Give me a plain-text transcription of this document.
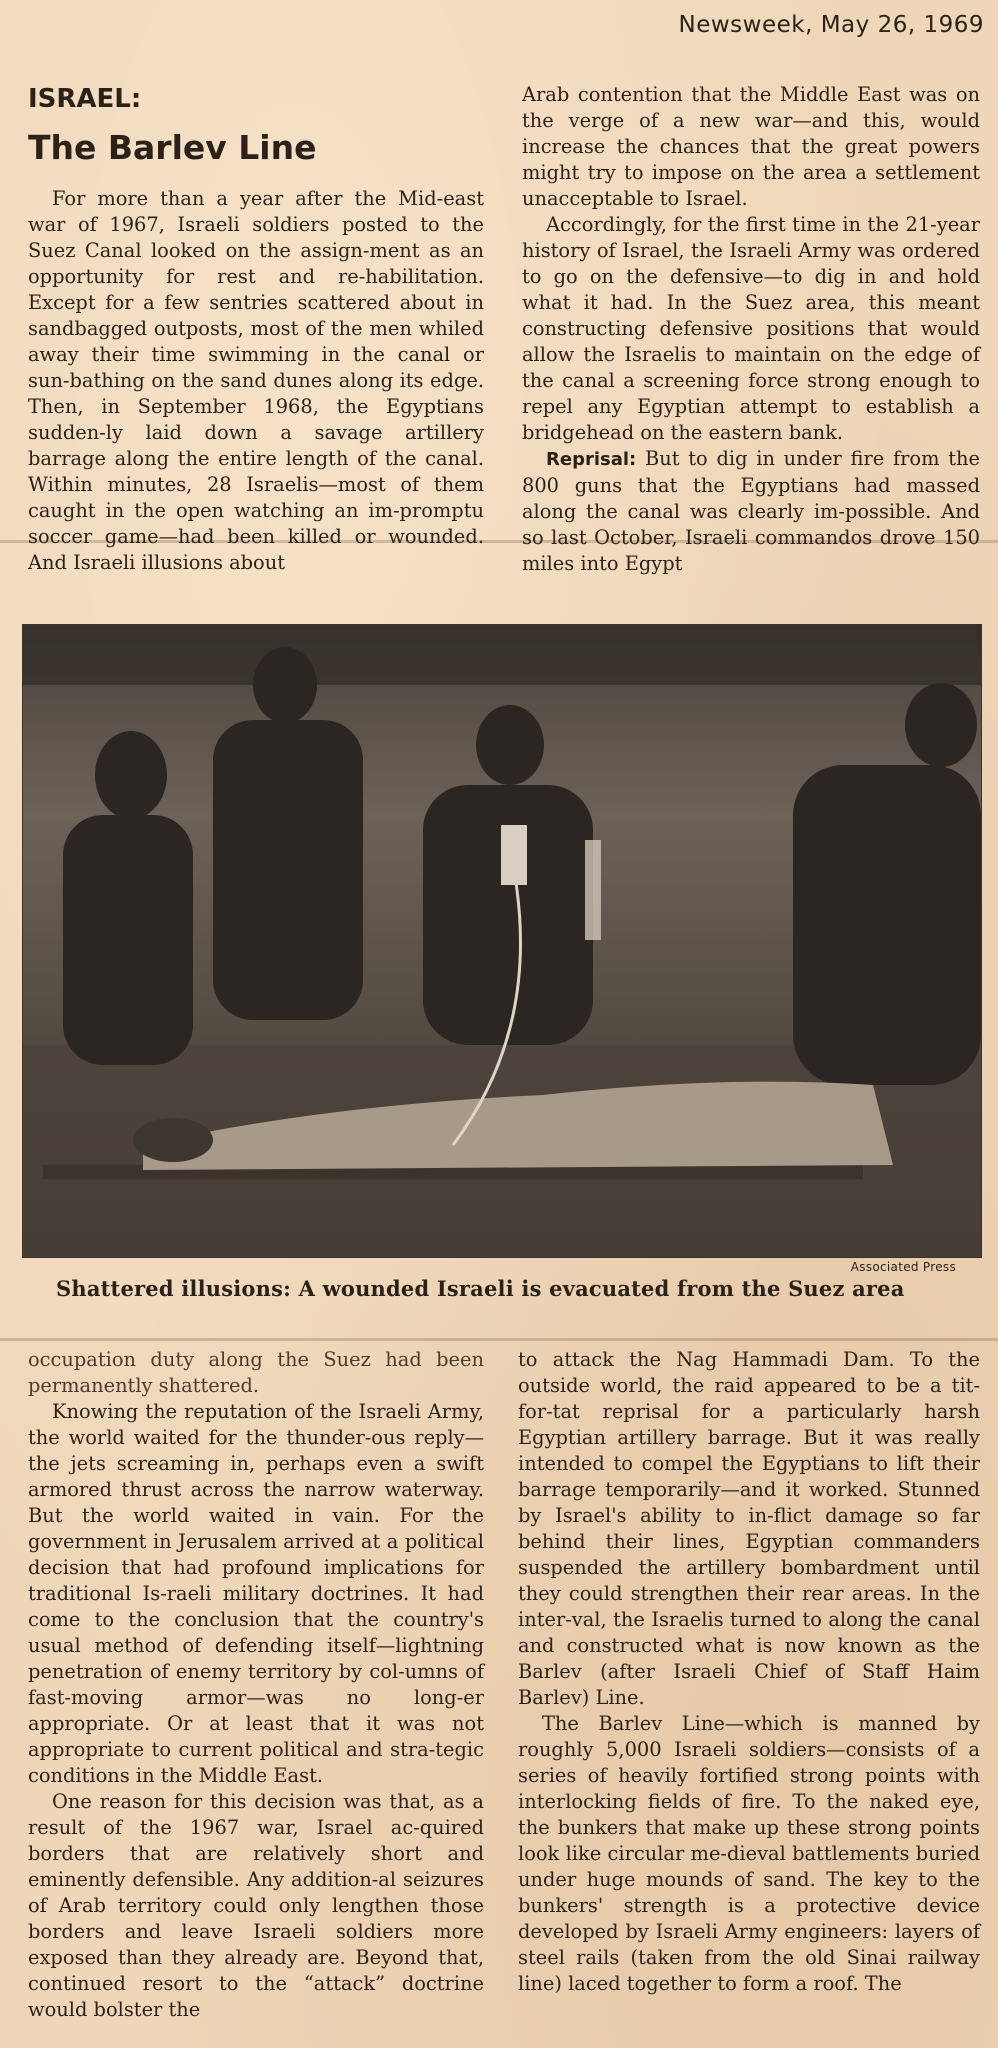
Newsweek, May 26, 1969
ISRAEL:
The Barlev Line

For more than a year after the Mid-east war of 1967, Israeli soldiers posted to the Suez Canal looked on the assign-ment as an opportunity for rest and re-habilitation. Except for a few sentries scattered about in sandbagged outposts, most of the men whiled away their time swimming in the canal or sun-bathing on the sand dunes along its edge. Then, in September 1968, the Egyptians sudden-ly laid down a savage artillery barrage along the entire length of the canal. Within minutes, 28 Israelis—most of them caught in the open watching an im-promptu soccer game—had been killed or wounded. And Israeli illusions about

Arab contention that the Middle East was on the verge of a new war—and this, would increase the chances that the great powers might try to impose on the area a settlement unacceptable to Israel.

Accordingly, for the first time in the 21-year history of Israel, the Israeli Army was ordered to go on the defensive—to dig in and hold what it had. In the Suez area, this meant constructing defensive positions that would allow the Israelis to maintain on the edge of the canal a screening force strong enough to repel any Egyptian attempt to establish a bridgehead on the eastern bank.

Reprisal: But to dig in under fire from the 800 guns that the Egyptians had massed along the canal was clearly im-possible. And so last October, Israeli commandos drove 150 miles into Egypt

Associated Press
Shattered illusions: A wounded Israeli is evacuated from the Suez area

occupation duty along the Suez had been permanently shattered.

Knowing the reputation of the Israeli Army, the world waited for the thunder-ous reply—the jets screaming in, perhaps even a swift armored thrust across the narrow waterway. But the world waited in vain. For the government in Jerusalem arrived at a political decision that had profound implications for traditional Is-raeli military doctrines. It had come to the conclusion that the country's usual method of defending itself—lightning penetration of enemy territory by col-umns of fast-moving armor—was no long-er appropriate. Or at least that it was not appropriate to current political and stra-tegic conditions in the Middle East.

One reason for this decision was that, as a result of the 1967 war, Israel ac-quired borders that are relatively short and eminently defensible. Any addition-al seizures of Arab territory could only lengthen those borders and leave Israeli soldiers more exposed than they already are. Beyond that, continued resort to the “attack” doctrine would bolster the

to attack the Nag Hammadi Dam. To the outside world, the raid appeared to be a tit-for-tat reprisal for a particularly harsh Egyptian artillery barrage. But it was really intended to compel the Egyptians to lift their barrage temporarily—and it worked. Stunned by Israel's ability to in-flict damage so far behind their lines, Egyptian commanders suspended the artillery bombardment until they could strengthen their rear areas. In the inter-val, the Israelis turned to along the canal and constructed what is now known as the Barlev (after Israeli Chief of Staff Haim Barlev) Line.

The Barlev Line—which is manned by roughly 5,000 Israeli soldiers—consists of a series of heavily fortified strong points with interlocking fields of fire. To the naked eye, the bunkers that make up these strong points look like circular me-dieval battlements buried under huge mounds of sand. The key to the bunkers' strength is a protective device developed by Israeli Army engineers: layers of steel rails (taken from the old Sinai railway line) laced together to form a roof. The
